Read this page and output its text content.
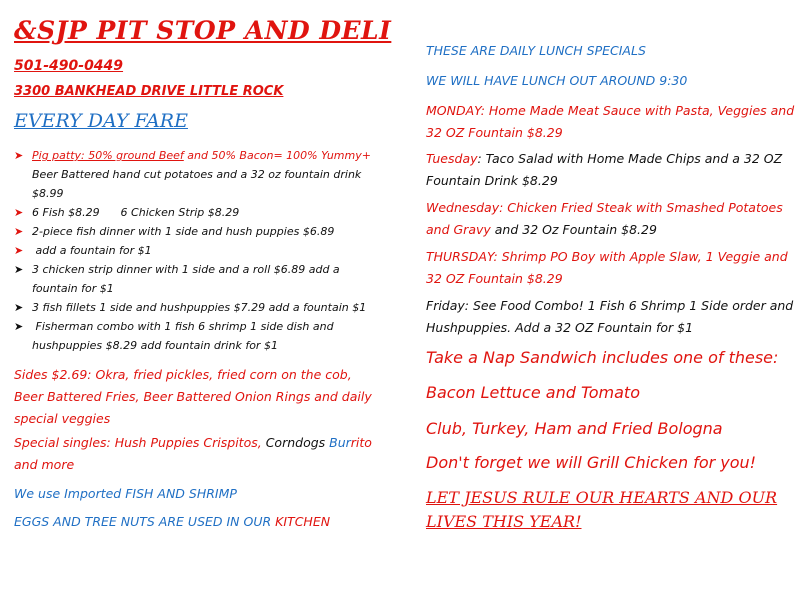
&SJP PIT STOP AND DELI
501-490-0449
3300 BANKHEAD DRIVE LITTLE ROCK
EVERY DAY FARE
➤ Pig patty: 50% ground Beef and 50% Bacon= 100% Yummy+ Beer Battered hand cut potatoes and a 32 oz fountain drink $8.99
➤ 6 Fish $8.29      6 Chicken Strip $8.29
➤ 2-piece fish dinner with 1 side and hush puppies $6.89
➤ add a fountain for $1
➤ 3 chicken strip dinner with 1 side and a roll $6.89 add a fountain for $1
➤ 3 fish fillets 1 side and hushpuppies $7.29 add a fountain $1
➤ Fisherman combo with 1 fish 6 shrimp 1 side dish and hushpuppies $8.29 add fountain drink for $1
Sides $2.69: Okra, fried pickles, fried corn on the cob, Beer Battered Fries, Beer Battered Onion Rings and daily special veggies
Special singles: Hush Puppies Crispitos, Corndogs Burrito and more
We use Imported FISH AND SHRIMP
EGGS AND TREE NUTS ARE USED IN OUR KITCHEN
THESE ARE DAILY LUNCH SPECIALS
WE WILL HAVE LUNCH OUT AROUND 9:30
MONDAY: Home Made Meat Sauce with Pasta, Veggies and 32 OZ Fountain $8.29
Tuesday: Taco Salad with Home Made Chips and a 32 OZ Fountain Drink $8.29
Wednesday: Chicken Fried Steak with Smashed Potatoes and Gravy and 32 Oz Fountain $8.29
THURSDAY: Shrimp PO Boy with Apple Slaw, 1 Veggie and 32 OZ Fountain $8.29
Friday: See Food Combo! 1 Fish 6 Shrimp 1 Side order and Hushpuppies. Add a 32 OZ Fountain for $1
Take a Nap Sandwich includes one of these:
Bacon Lettuce and Tomato
Club, Turkey, Ham and Fried Bologna
Don't forget we will Grill Chicken for you!
LET JESUS RULE OUR HEARTS AND OUR LIVES THIS YEAR!
